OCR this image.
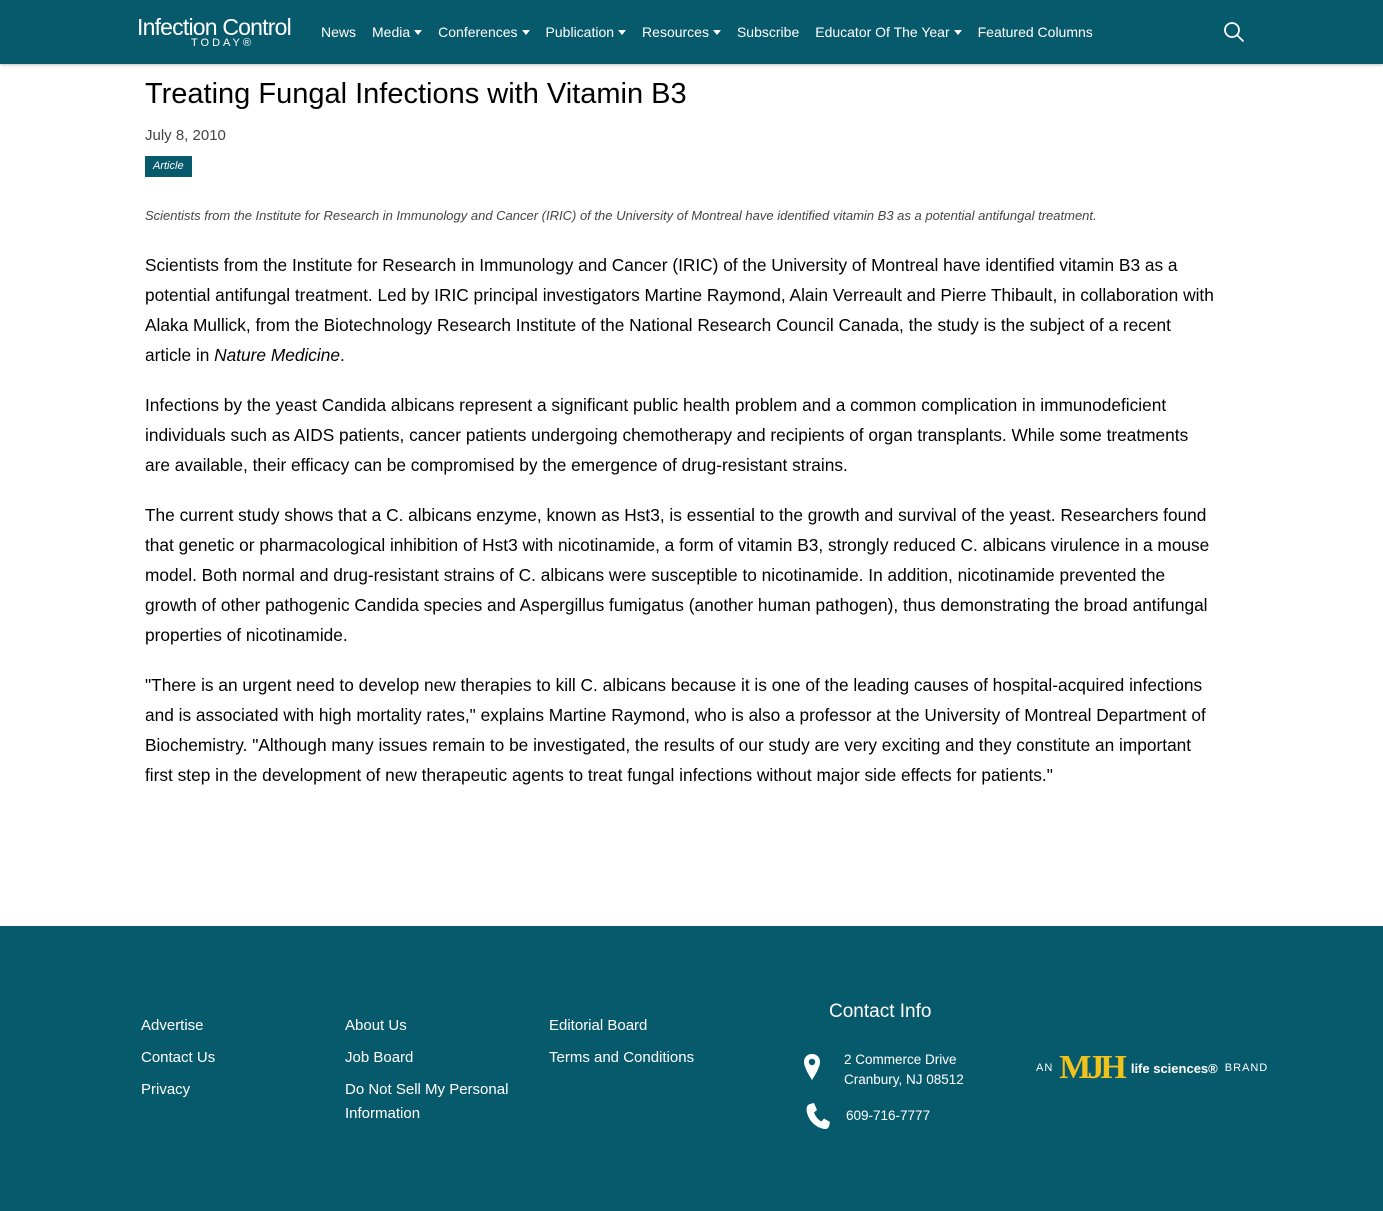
Infection Control
TODAY®
News Media Conferences Publication Resources Subscribe Educator Of The Year Featured Columns
Treating Fungal Infections with Vitamin B3
July 8, 2010
Article
Scientists from the Institute for Research in Immunology and Cancer (IRIC) of the University of Montreal have identified vitamin B3 as a potential antifungal treatment.

Scientists from the Institute for Research in Immunology and Cancer (IRIC) of the University of Montreal have identified vitamin B3 as a potential antifungal treatment. Led by IRIC principal investigators Martine Raymond, Alain Verreault and Pierre Thibault, in collaboration with Alaka Mullick, from the Biotechnology Research Institute of the National Research Council Canada, the study is the subject of a recent article in Nature Medicine.

Infections by the yeast Candida albicans represent a significant public health problem and a common complication in immunodeficient individuals such as AIDS patients, cancer patients undergoing chemotherapy and recipients of organ transplants. While some treatments are available, their efficacy can be compromised by the emergence of drug-resistant strains.

The current study shows that a C. albicans enzyme, known as Hst3, is essential to the growth and survival of the yeast. Researchers found that genetic or pharmacological inhibition of Hst3 with nicotinamide, a form of vitamin B3, strongly reduced C. albicans virulence in a mouse model. Both normal and drug-resistant strains of C. albicans were susceptible to nicotinamide. In addition, nicotinamide prevented the growth of other pathogenic Candida species and Aspergillus fumigatus (another human pathogen), thus demonstrating the broad antifungal properties of nicotinamide.

"There is an urgent need to develop new therapies to kill C. albicans because it is one of the leading causes of hospital-acquired infections and is associated with high mortality rates," explains Martine Raymond, who is also a professor at the University of Montreal Department of Biochemistry. "Although many issues remain to be investigated, the results of our study are very exciting and they constitute an important first step in the development of new therapeutic agents to treat fungal infections without major side effects for patients."

Advertise
Contact Us
Privacy
About Us
Job Board
Do Not Sell My Personal Information
Editorial Board
Terms and Conditions
Contact Info
2 Commerce Drive
Cranbury, NJ 08512
609-716-7777
AN MJH life sciences® BRAND
